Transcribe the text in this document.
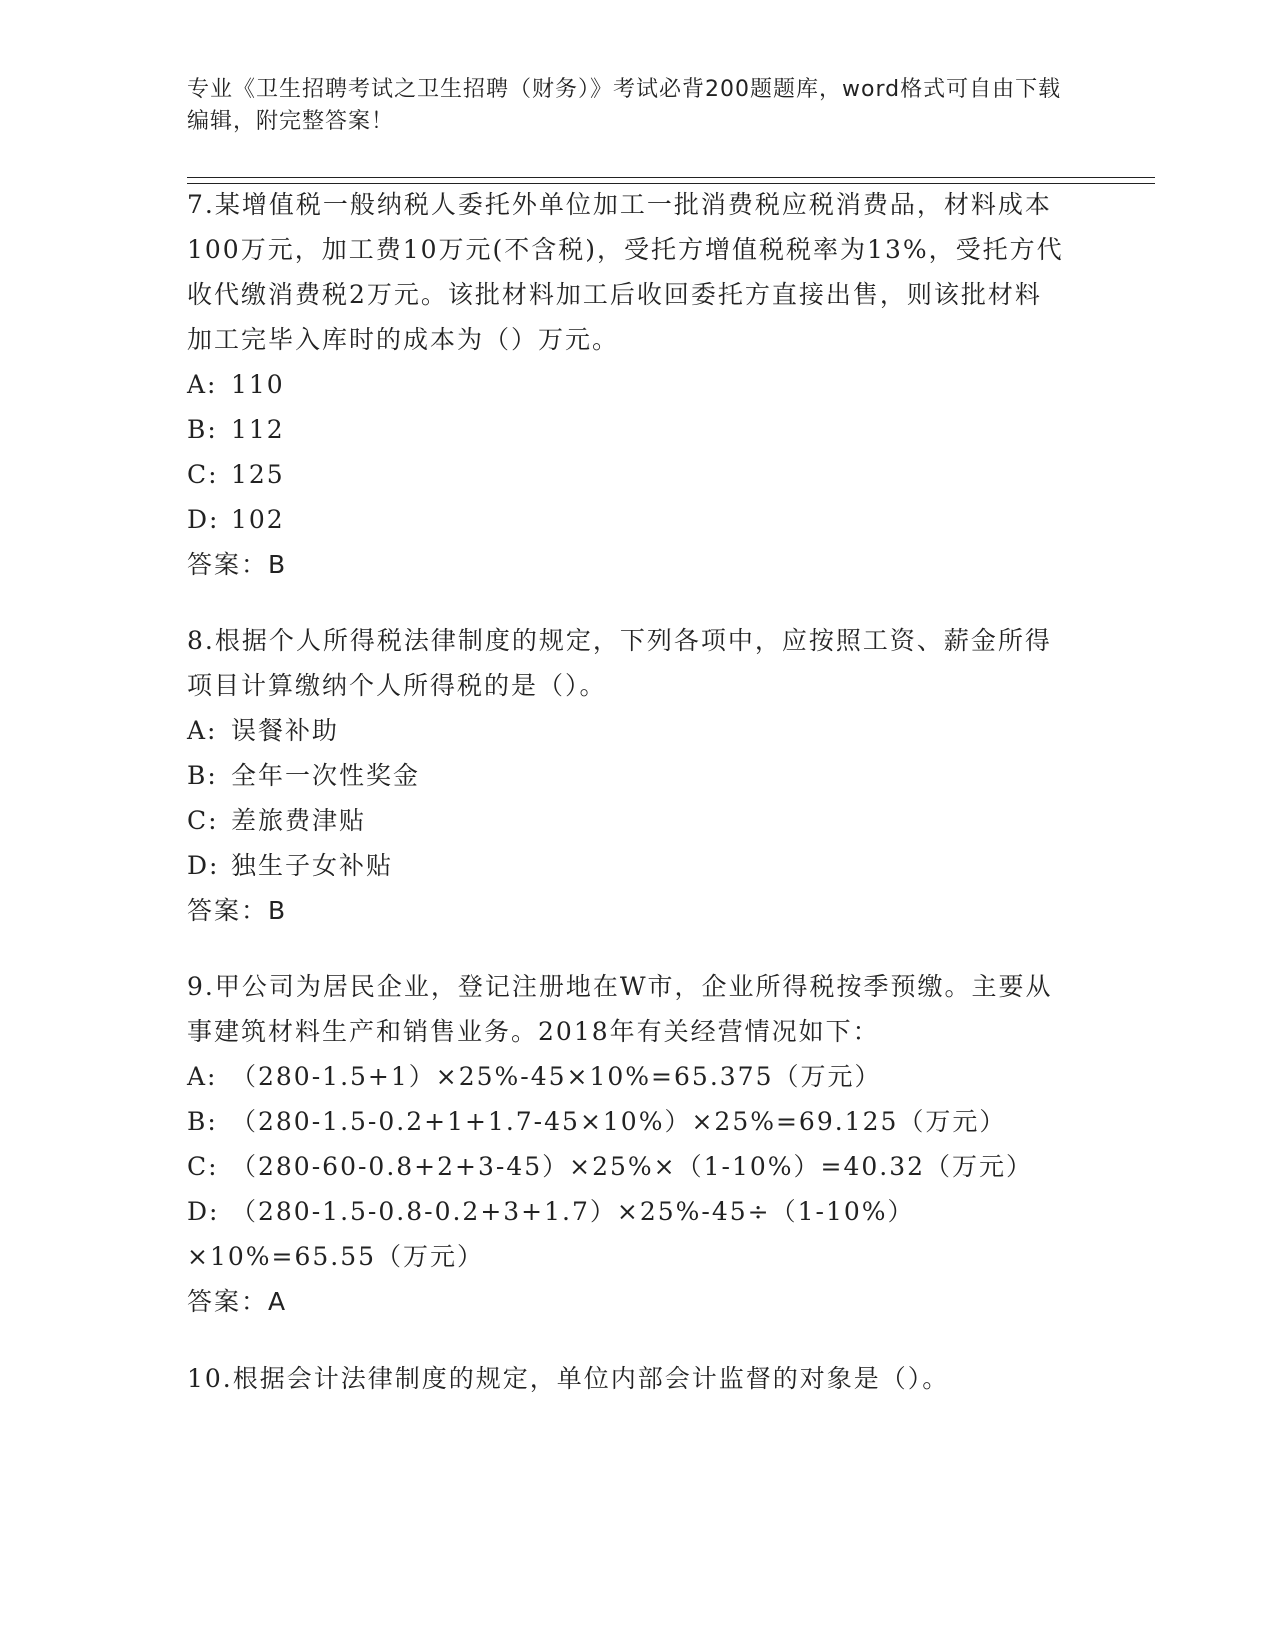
专业《卫生招聘考试之卫生招聘（财务）》考试必背200题题库，word格式可自由下载编辑，附完整答案！
7.某增值税一般纳税人委托外单位加工一批消费税应税消费品，材料成本100万元，加工费10万元(不含税)，受托方增值税税率为13%，受托方代收代缴消费税2万元。该批材料加工后收回委托方直接出售，则该批材料加工完毕入库时的成本为（）万元。
A: 110
B: 112
C: 125
D: 102
答案：B
8.根据个人所得税法律制度的规定，下列各项中，应按照工资、薪金所得项目计算缴纳个人所得税的是（）。
A: 误餐补助
B: 全年一次性奖金
C: 差旅费津贴
D: 独生子女补贴
答案：B
9.甲公司为居民企业，登记注册地在W市，企业所得税按季预缴。主要从事建筑材料生产和销售业务。2018年有关经营情况如下：
A: （280-1.5+1）×25%-45×10%=65.375（万元）
B: （280-1.5-0.2+1+1.7-45×10%）×25%=69.125（万元）
C: （280-60-0.8+2+3-45）×25%×（1-10%）=40.32（万元）
D: （280-1.5-0.8-0.2+3+1.7）×25%-45÷（1-10%）×10%=65.55（万元）
答案：A
10.根据会计法律制度的规定，单位内部会计监督的对象是（）。
